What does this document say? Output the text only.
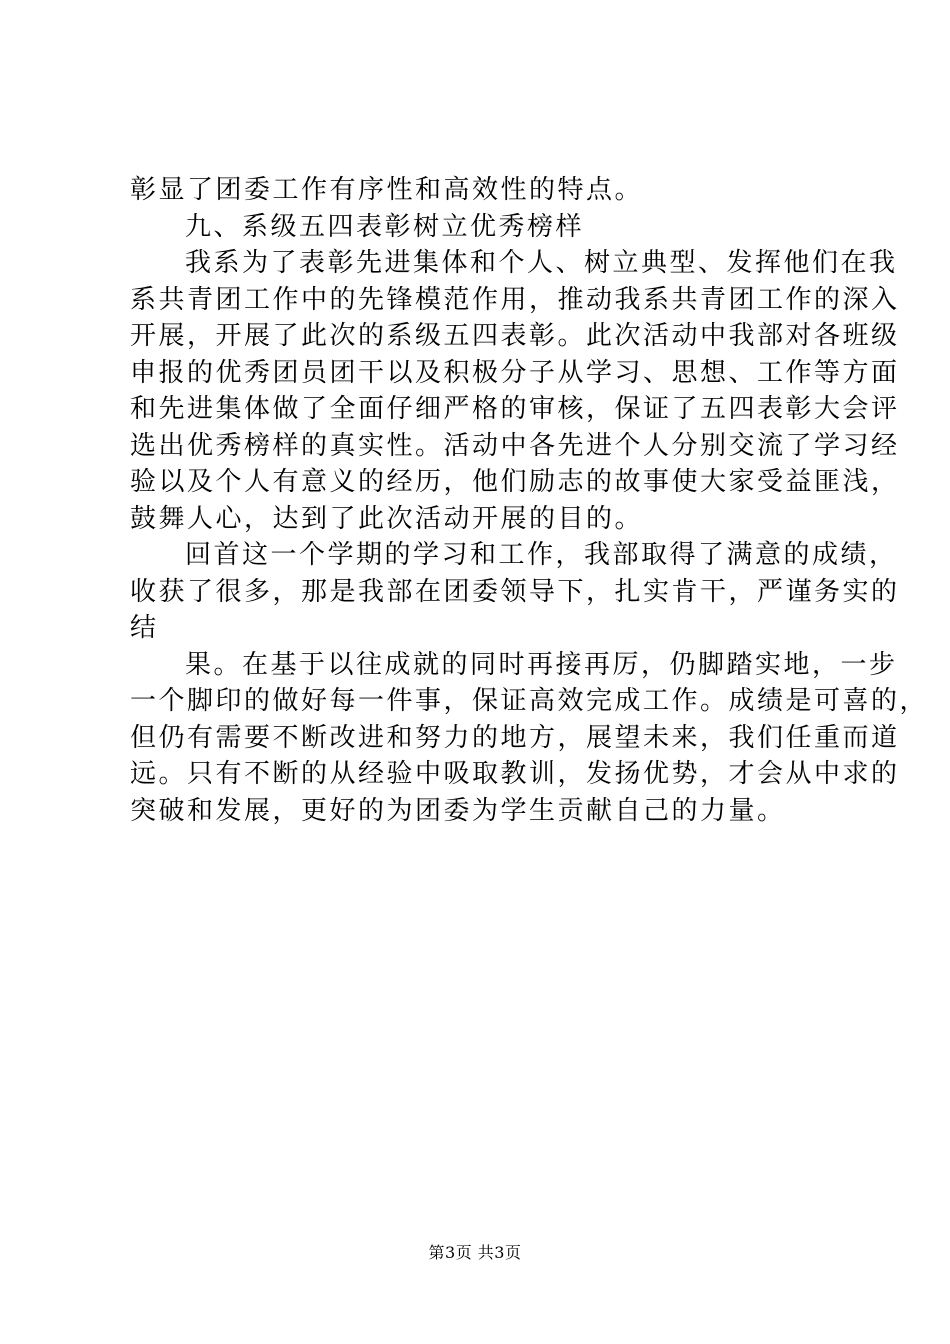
彰显了团委工作有序性和高效性的特点。
九、系级五四表彰树立优秀榜样
我系为了表彰先进集体和个人、树立典型、发挥他们在我
系共青团工作中的先锋模范作用，推动我系共青团工作的深入
开展，开展了此次的系级五四表彰。此次活动中我部对各班级
申报的优秀团员团干以及积极分子从学习、思想、工作等方面
和先进集体做了全面仔细严格的审核，保证了五四表彰大会评
选出优秀榜样的真实性。活动中各先进个人分别交流了学习经
验以及个人有意义的经历，他们励志的故事使大家受益匪浅，
鼓舞人心，达到了此次活动开展的目的。
回首这一个学期的学习和工作，我部取得了满意的成绩，
收获了很多，那是我部在团委领导下，扎实肯干，严谨务实的
结
果。在基于以往成就的同时再接再厉，仍脚踏实地，一步
一个脚印的做好每一件事，保证高效完成工作。成绩是可喜的，
但仍有需要不断改进和努力的地方，展望未来，我们任重而道
远。只有不断的从经验中吸取教训，发扬优势，才会从中求的
突破和发展，更好的为团委为学生贡献自己的力量。
第3页 共3页
